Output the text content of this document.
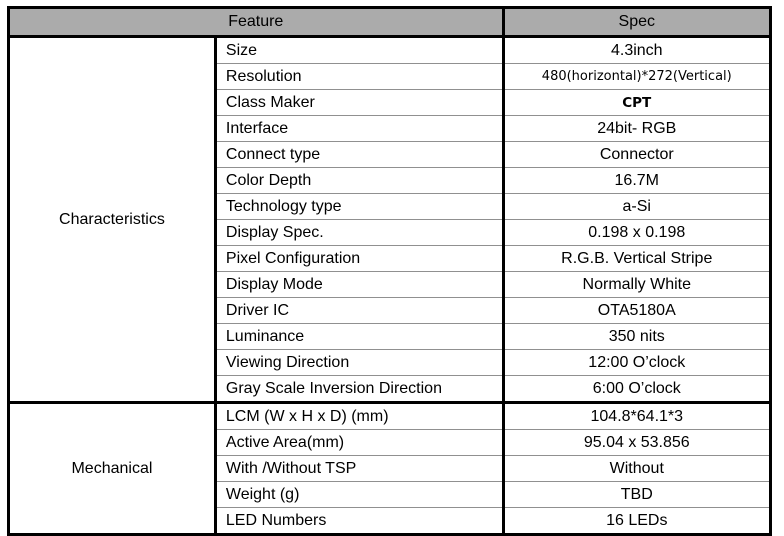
Feature		Spec
Characteristics	Size	4.3inch
	Resolution	480(horizontal)*272(Vertical)
	Class Maker	CPT
	Interface	24bit- RGB
	Connect type	Connector
	Color Depth	16.7M
	Technology type	a-Si
	Display Spec.	0.198 x 0.198
	Pixel Configuration	R.G.B. Vertical Stripe
	Display Mode	Normally White
	Driver IC	OTA5180A
	Luminance	350 nits
	Viewing Direction	12:00 O’clock
	Gray Scale Inversion Direction	6:00 O’clock
Mechanical	LCM (W x H x D) (mm)	104.8*64.1*3
	Active Area(mm)	95.04 x 53.856
	With /Without TSP	Without
	Weight (g)	TBD
	LED Numbers	16 LEDs
